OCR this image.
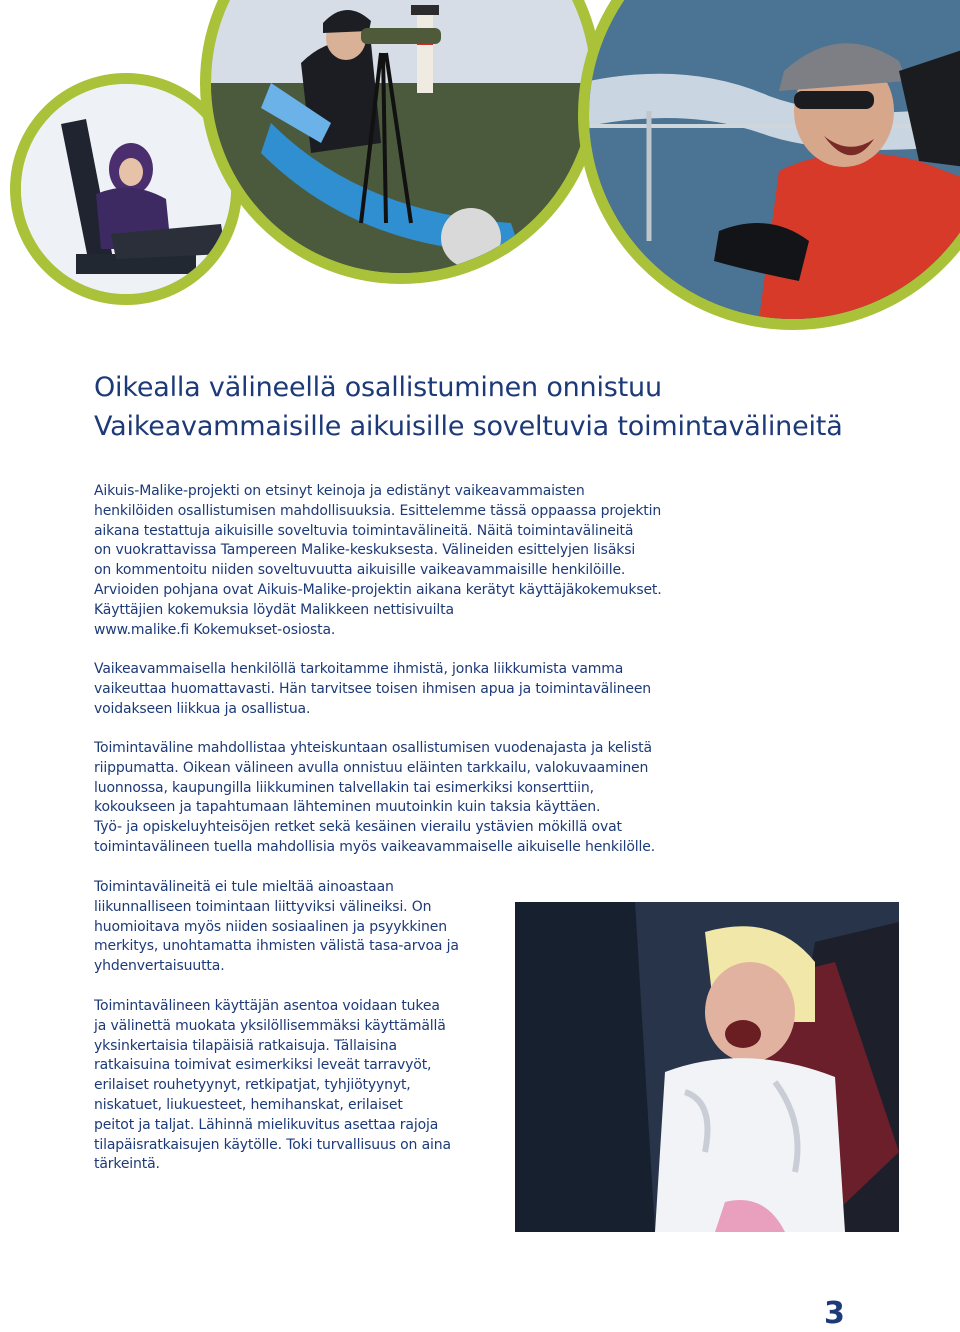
Oikealla välineellä osallistuminen onnistuu
Vaikeavammaisille aikuisille soveltuvia toimintavälineitä

Aikuis-Malike-projekti on etsinyt keinoja ja edistänyt vaikeavammaisten
henkilöiden osallistumisen mahdollisuuksia. Esittelemme tässä oppaassa projektin
aikana testattuja aikuisille soveltuvia toimintavälineitä. Näitä toimintavälineitä
on vuokrattavissa Tampereen Malike-keskuksesta. Välineiden esittelyjen lisäksi
on kommentoitu niiden soveltuvuutta aikuisille vaikeavammaisille henkilöille.
Arvioiden pohjana ovat Aikuis-Malike-projektin aikana kerätyt käyttäjäkokemukset.
Käyttäjien kokemuksia löydät Malikkeen nettisivuilta
www.malike.fi Kokemukset-osiosta.

Vaikeavammaisella henkilöllä tarkoitamme ihmistä, jonka liikkumista vamma
vaikeuttaa huomattavasti. Hän tarvitsee toisen ihmisen apua ja toimintavälineen
voidakseen liikkua ja osallistua.

Toimintaväline mahdollistaa yhteiskuntaan osallistumisen vuodenajasta ja kelistä
riippumatta. Oikean välineen avulla onnistuu eläinten tarkkailu, valokuvaaminen
luonnossa, kaupungilla liikkuminen talvellakin tai esimerkiksi konserttiin,
kokoukseen ja tapahtumaan lähteminen muutoinkin kuin taksia käyttäen.
Työ- ja opiskeluyhteisöjen retket sekä kesäinen vierailu ystävien mökillä ovat
toimintavälineen tuella mahdollisia myös vaikeavammaiselle aikuiselle henkilölle.

Toimintavälineitä ei tule mieltää ainoastaan
liikunnalliseen toimintaan liittyviksi välineiksi. On
huomioitava myös niiden sosiaalinen ja psyykkinen
merkitys, unohtamatta ihmisten välistä tasa-arvoa ja
yhdenvertaisuutta.

Toimintavälineen käyttäjän asentoa voidaan tukea
ja välinettä muokata yksilöllisemmäksi käyttämällä
yksinkertaisia tilapäisiä ratkaisuja. Tällaisina
ratkaisuina toimivat esimerkiksi leveät tarravyöt,
erilaiset rouhetyynyt, retkipatjat, tyhjiötyynyt,
niskatuet, liukuesteet, hemihanskat, erilaiset
peitot ja taljat. Lähinnä mielikuvitus asettaa rajoja
tilapäisratkaisujen käytölle. Toki turvallisuus on aina
tärkeintä.

3
